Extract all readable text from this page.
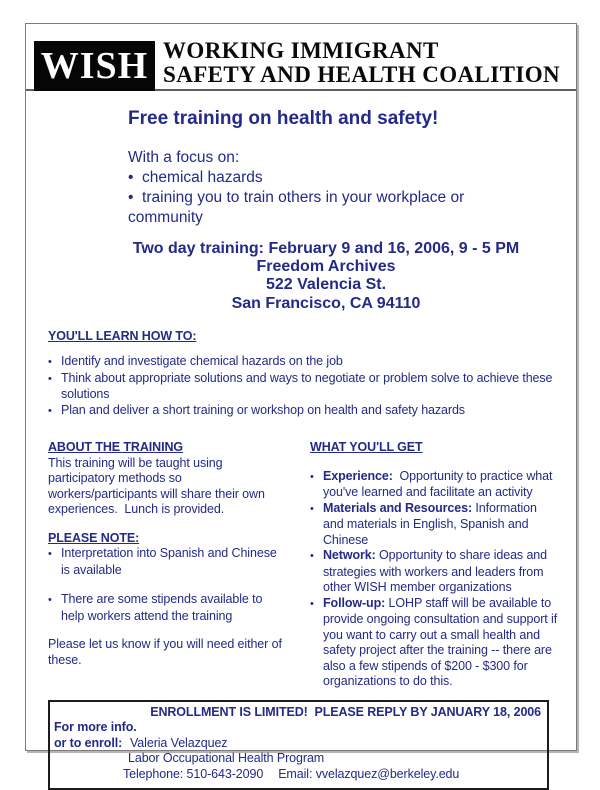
WISH WORKING IMMIGRANT
SAFETY AND HEALTH COALITION
Free training on health and safety!
With a focus on:
•  chemical hazards
•  training you to train others in your workplace or community
Two day training: February 9 and 16, 2006, 9 - 5 PM
Freedom Archives
522 Valencia St.
San Francisco, CA 94110
YOU'LL LEARN HOW TO:
• Identify and investigate chemical hazards on the job
• Think about appropriate solutions and ways to negotiate or problem solve to achieve these solutions
• Plan and deliver a short training or workshop on health and safety hazards
ABOUT THE TRAINING
This training will be taught using participatory methods so workers/participants will share their own experiences.  Lunch is provided.
PLEASE NOTE:
• Interpretation into Spanish and Chinese is available
• There are some stipends available to help workers attend the training
Please let us know if you will need either of these.
WHAT YOU'LL GET
• Experience:  Opportunity to practice what you've learned and facilitate an activity
• Materials and Resources: Information and materials in English, Spanish and Chinese
• Network: Opportunity to share ideas and strategies with workers and leaders from other WISH member organizations
• Follow-up: LOHP staff will be available to provide ongoing consultation and support if you want to carry out a small health and safety project after the training -- there are also a few stipends of $200 - $300 for organizations to do this.
ENROLLMENT IS LIMITED!  PLEASE REPLY BY JANUARY 18, 2006
For more info.
or to enroll: Valeria Velazquez
Labor Occupational Health Program
Telephone: 510-643-2090 Email: vvelazquez@berkeley.edu
